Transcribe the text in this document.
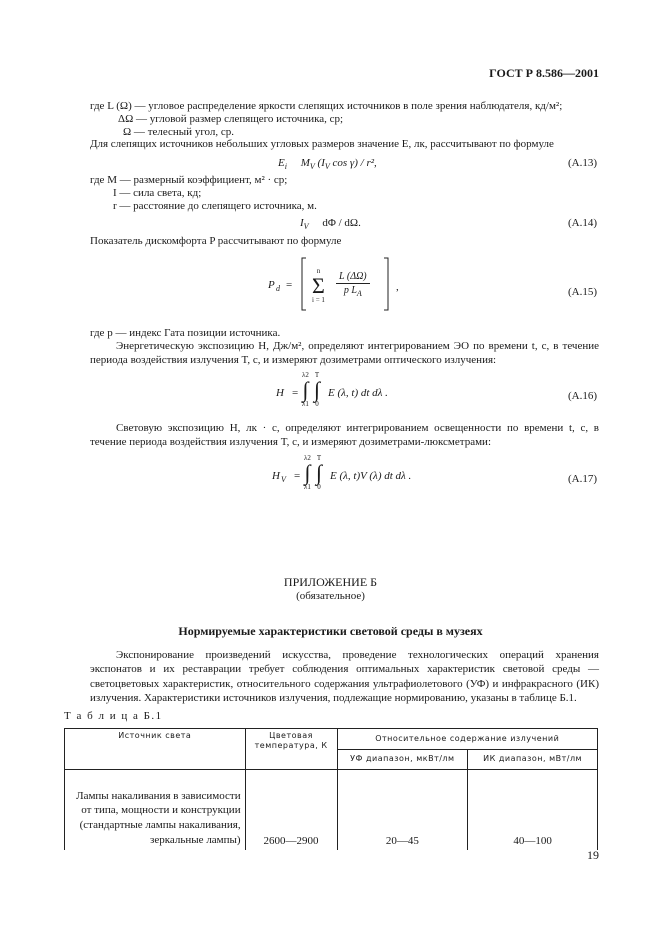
ГОСТ Р 8.586—2001
где L (Ω) — угловое распределение яркости слепящих источников в поле зрения наблюдателя, кд/м²;
ΔΩ — угловой размер слепящего источника, ср;
Ω — телесный угол, ср.
Для слепящих источников небольших угловых размеров значение E, лк, рассчитывают по формуле
$E_i$ $M_V$ ($I_V$ cos γ) / r²,	(А.13)
где M — размерный коэффициент, м² · ср;
I — сила света, кд;
r — расстояние до слепящего источника, м.
$I_V$ dΦ / dΩ.	(А.14)
Показатель дискомфорта P рассчитывают по формуле
P d =
n
Σ
i = 1
$\frac{L (\Delta\Omega)}{p L_A}$ ,	(А.15)
где p — индекс Гата позиции источника.
Энергетическую экспозицию H, Дж/м², определяют интегрированием ЭО по времени t, с, в течение периода воздействия излучения T, с, и измеряют дозиметрами оптического излучения:
H =
λ2
∫
λ1
T
∫
0
E (λ, t) dt dλ .	(А.16)
Световую экспозицию H, лк · с, определяют интегрированием освещенности по времени t, с, в течение периода воздействия излучения T, с, и измеряют дозиметрами-люксметрами:
H V =
λ2
∫
λ1
T
∫
0
E (λ, t)V (λ) dt dλ .	(А.17)
ПРИЛОЖЕНИЕ Б
(обязательное)
Нормируемые характеристики световой среды в музеях
Экспонирование произведений искусства, проведение технологических операций хранения экспонатов и их реставрации требует соблюдения оптимальных характеристик световой среды — светоцветовых характеристик, относительного содержания ультрафиолетового (УФ) и инфракрасного (ИК) излучения. Характеристики источников излучения, подлежащие нормированию, указаны в таблице Б.1.
Т а б л и ц а Б.1
Источник света	Цветовая температура, К	Относительное содержание излучений	
		УФ диапазон, мкВт/лм	ИК диапазон, мВт/лм
Лампы накаливания в зависимости от типа, мощности и конструкции (стандартные лампы накаливания, зеркальные лампы)	2600—2900	20—45	40—100
19
